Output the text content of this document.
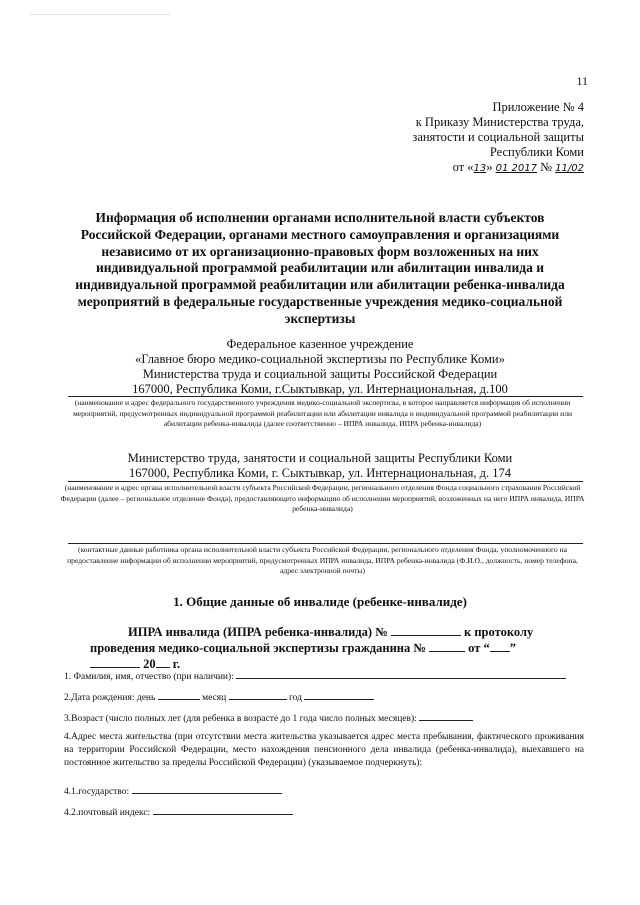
11
Приложение № 4
к Приказу Министерства труда,
занятости и социальной защиты
Республики Коми
от «13» 01 2017 № 11/02
Информация об исполнении органами исполнительной власти субъектов Российской Федерации, органами местного самоуправления и организациями независимо от их организационно-правовых форм возложенных на них индивидуальной программой реабилитации или абилитации инвалида и индивидуальной программой реабилитации или абилитации ребенка-инвалида мероприятий в федеральные государственные учреждения медико-социальной экспертизы
Федеральное казенное учреждение
«Главное бюро медико-социальной экспертизы по Республике Коми»
Министерства труда и социальной защиты Российской Федерации
167000, Республика Коми, г.Сыктывкар, ул. Интернациональная, д.100
(наименование и адрес федерального государственного учреждения медико-социальной экспертизы, в которое направляется информация об исполнении мероприятий, предусмотренных индивидуальной программой реабилитации или абилитации инвалида и индивидуальной программой реабилитации или абилитации ребенка-инвалида (далее соответственно – ИПРА инвалида, ИПРА ребенка-инвалида)
Министерство труда, занятости и социальной защиты Республики Коми
167000, Республика Коми, г. Сыктывкар, ул. Интернациональная, д. 174
(наименование и адрес органа исполнительной власти субъекта Российской Федерации, регионального отделения Фонда социального страхования Российской Федерации (далее – региональное отделение Фонда), предоставляющего информацию об исполнении мероприятий, возложенных на него ИПРА инвалида, ИПРА ребенка-инвалида)
(контактные данные работника органа исполнительной власти субъекта Российской Федерации, регионального отделения Фонда, уполномоченного на предоставление информации об исполнении мероприятий, предусмотренных ИПРА инвалида, ИПРА ребенка-инвалида (Ф.И.О., должность, номер телефона, адрес электронной почты)
1. Общие данные об инвалиде (ребенке-инвалиде)
ИПРА инвалида (ИПРА ребенка-инвалида) №	к протоколу
проведения медико-социальной экспертизы гражданина №	от “ ”  20 г.
1. Фамилия, имя, отчество (при наличии):
2.Дата рождения: день	месяц	год
3.Возраст (число полных лет (для ребенка в возрасте до 1 года число полных месяцев):
4.Адрес места жительства (при отсутствии места жительства указывается адрес места пребывания, фактического проживания на территории Российской Федерации, место нахождения пенсионного дела инвалида (ребенка-инвалида), выехавшего на постоянное жительство за пределы Российской Федерации) (указываемое подчеркнуть):
4.1.государство:
4.2.почтовый индекс:
